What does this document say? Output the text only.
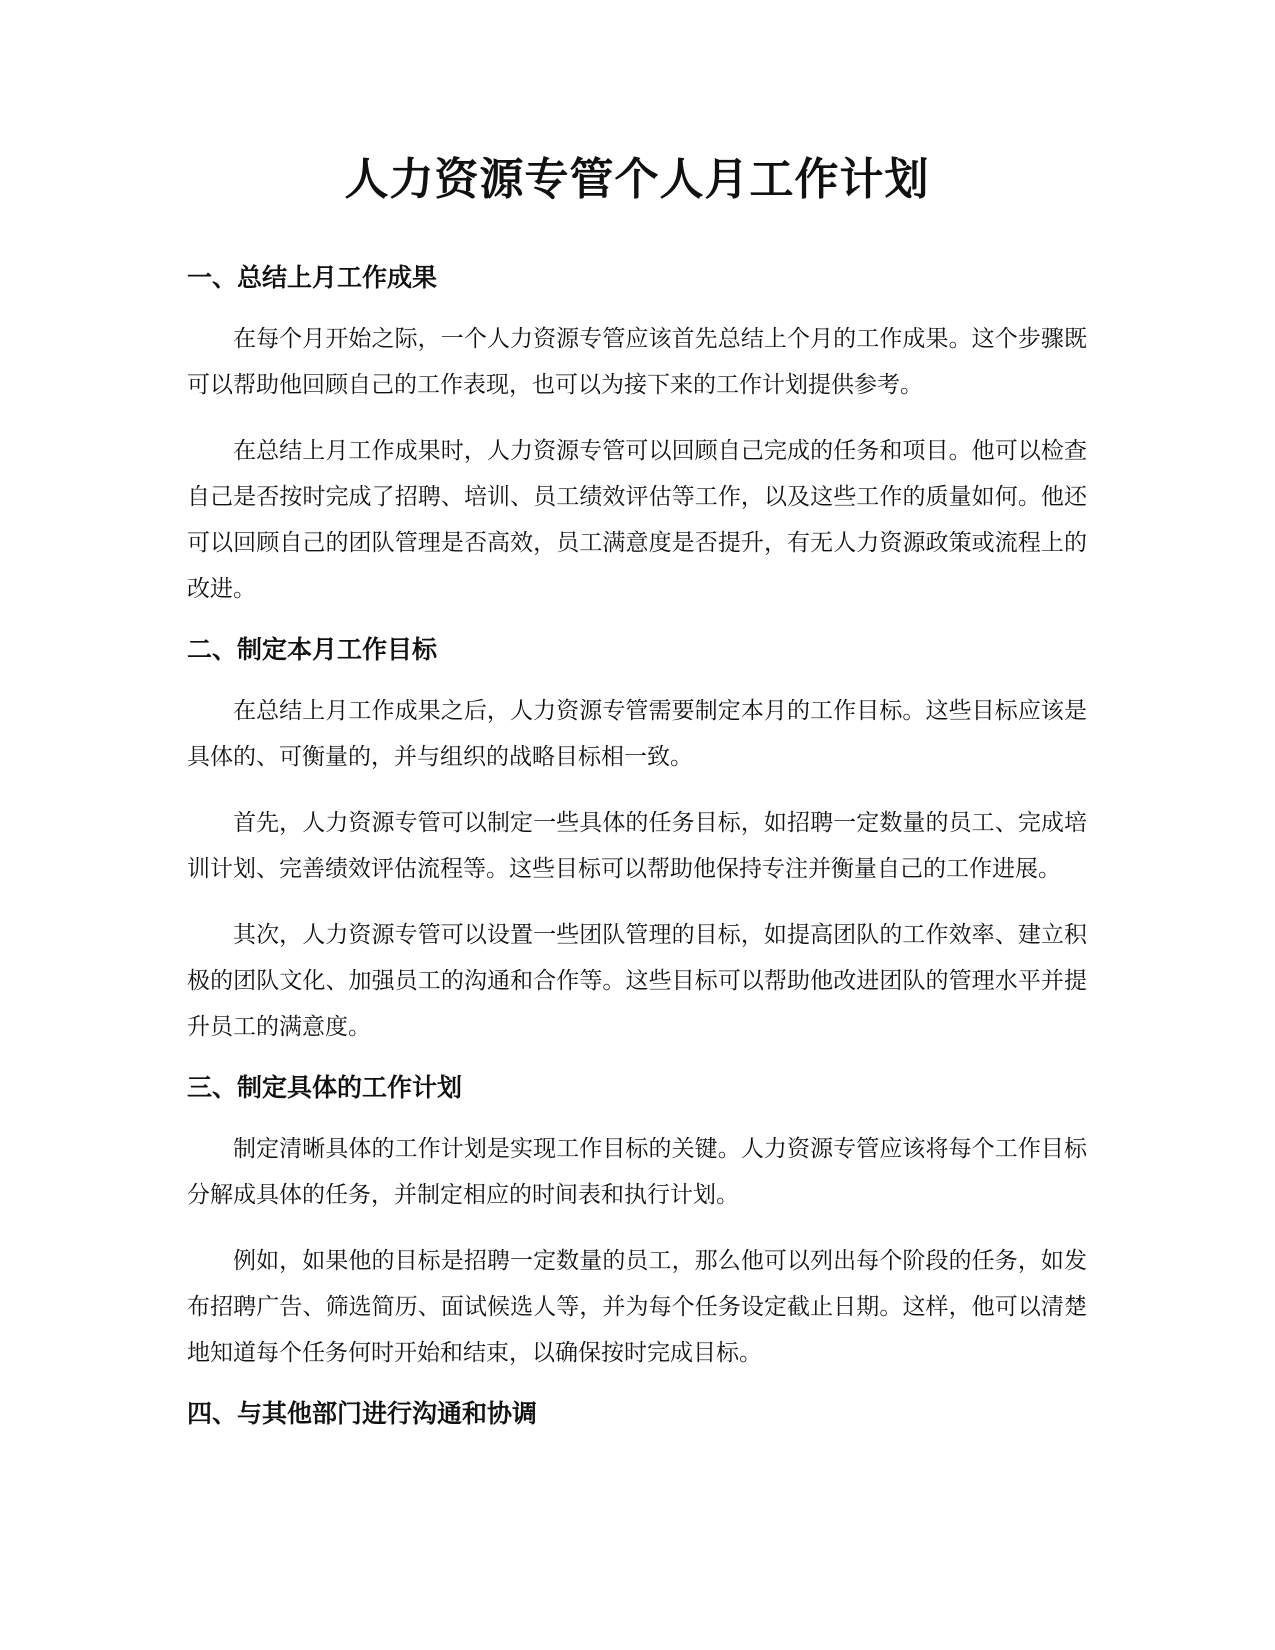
人力资源专管个人月工作计划
一、总结上月工作成果

在每个月开始之际，一个人力资源专管应该首先总结上个月的工作成果。这个步骤既可以帮助他回顾自己的工作表现，也可以为接下来的工作计划提供参考。

在总结上月工作成果时，人力资源专管可以回顾自己完成的任务和项目。他可以检查自己是否按时完成了招聘、培训、员工绩效评估等工作，以及这些工作的质量如何。他还可以回顾自己的团队管理是否高效，员工满意度是否提升，有无人力资源政策或流程上的改进。

二、制定本月工作目标

在总结上月工作成果之后，人力资源专管需要制定本月的工作目标。这些目标应该是具体的、可衡量的，并与组织的战略目标相一致。

首先，人力资源专管可以制定一些具体的任务目标，如招聘一定数量的员工、完成培训计划、完善绩效评估流程等。这些目标可以帮助他保持专注并衡量自己的工作进展。

其次，人力资源专管可以设置一些团队管理的目标，如提高团队的工作效率、建立积极的团队文化、加强员工的沟通和合作等。这些目标可以帮助他改进团队的管理水平并提升员工的满意度。

三、制定具体的工作计划

制定清晰具体的工作计划是实现工作目标的关键。人力资源专管应该将每个工作目标分解成具体的任务，并制定相应的时间表和执行计划。

例如，如果他的目标是招聘一定数量的员工，那么他可以列出每个阶段的任务，如发布招聘广告、筛选简历、面试候选人等，并为每个任务设定截止日期。这样，他可以清楚地知道每个任务何时开始和结束，以确保按时完成目标。

四、与其他部门进行沟通和协调
